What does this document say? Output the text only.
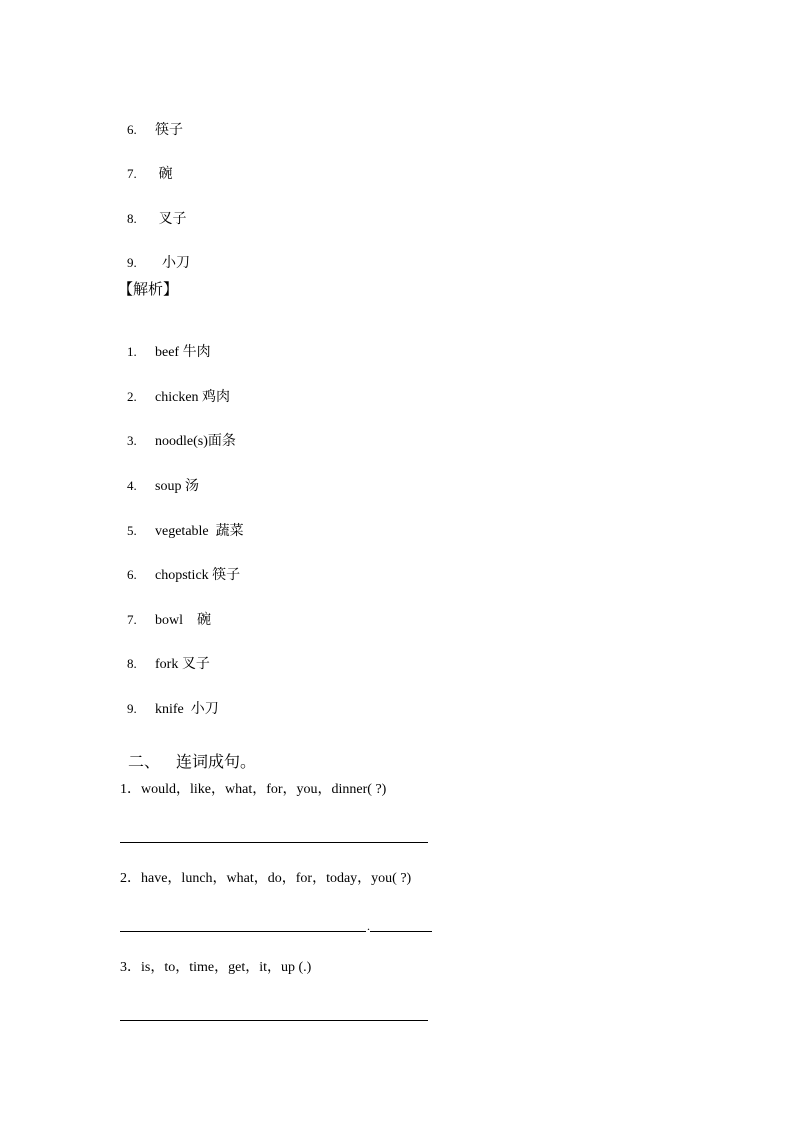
6. 筷子

7. 碗

8. 叉子

9.  小刀

【解析】

1. beef 牛肉

2. chicken 鸡肉

3. noodle(s)面条

4. soup 汤

5. vegetable  蔬菜

6. chopstick 筷子

7. bowl    碗

8. fork 叉子

9. knife  小刀

二、 连词成句。

1．would，like，what，for，you，dinner( ?)
2．have，lunch，what，do，for，today，you( ?)
.
3．is，to，time，get，it，up (.)
